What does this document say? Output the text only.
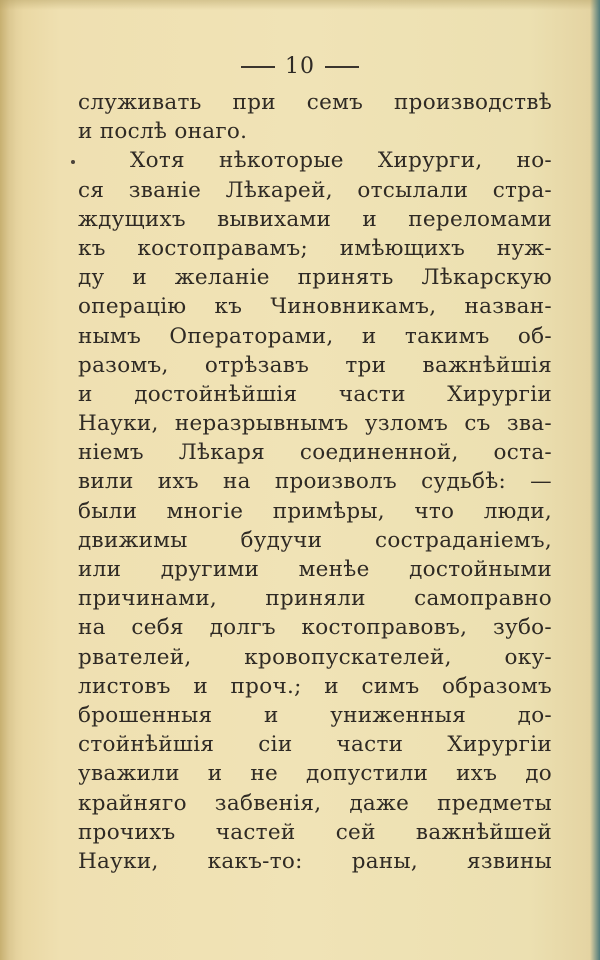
10
служивать при семъ производствѣ
и послѣ онаго.
Хотя нѣкоторые Хирурги, но-
ся званіе Лѣкарей, отсылали стра-
ждущихъ вывихами и переломами
къ костоправамъ; имѣющихъ нуж-
ду и желаніе принять Лѣкарскую
операцію къ Чиновникамъ, назван-
нымъ Операторами, и такимъ об-
разомъ, отрѣзавъ три важнѣйшія
и достойнѣйшія части Хирургіи
Науки, неразрывнымъ узломъ съ зва-
ніемъ Лѣкаря соединенной, оста-
вили ихъ на произволъ судьбѣ: —
были многіе примѣры, что люди,
движимы будучи состраданіемъ,
или другими менѣе достойными
причинами, приняли самоправно
на себя долгъ костоправовъ, зубо-
рвателей, кровопускателей, оку-
листовъ и проч.; и симъ образомъ
брошенныя и униженныя до-
стойнѣйшія сіи части Хирургіи
уважили и не допустили ихъ до
крайняго забвенія, даже предметы
прочихъ частей сей важнѣйшей
Науки, какъ-то: раны, язвины
